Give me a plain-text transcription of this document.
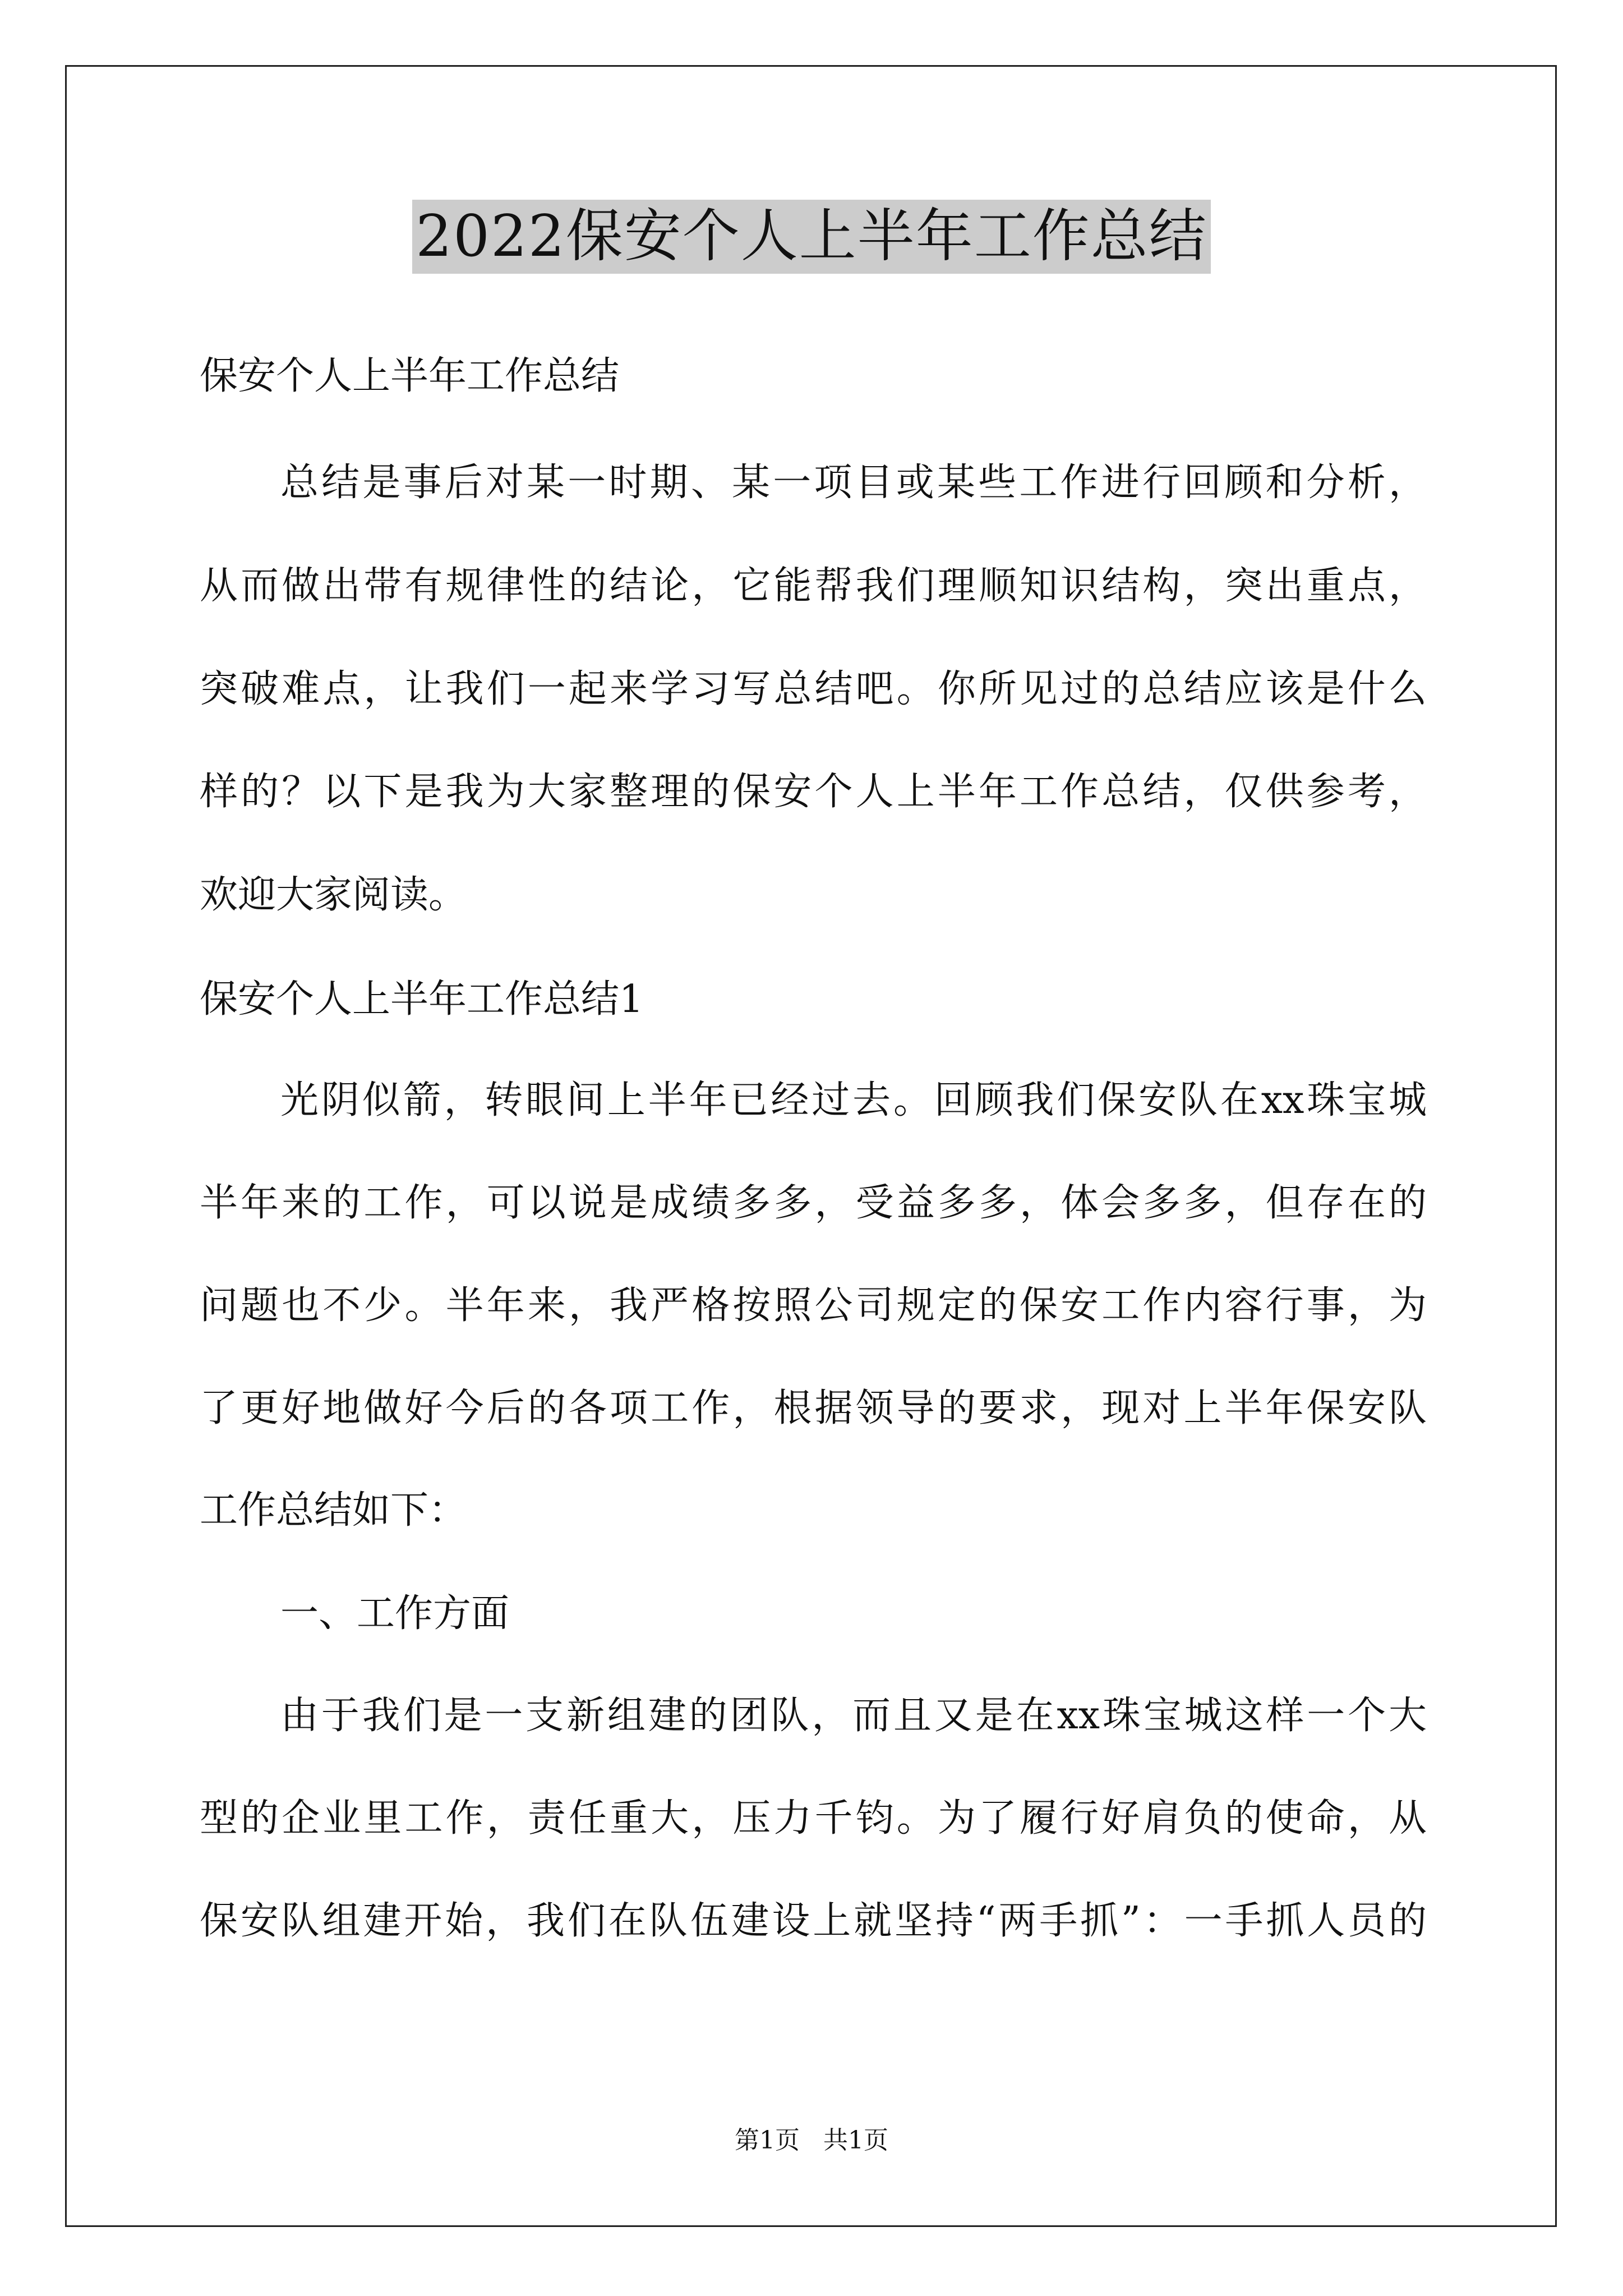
2022保安个人上半年工作总结
保安个人上半年工作总结
总结是事后对某一时期、某一项目或某些工作进行回顾和分析，
从而做出带有规律性的结论，它能帮我们理顺知识结构，突出重点，
突破难点，让我们一起来学习写总结吧。你所见过的总结应该是什么
样的？以下是我为大家整理的保安个人上半年工作总结，仅供参考，
欢迎大家阅读。
保安个人上半年工作总结1
光阴似箭，转眼间上半年已经过去。回顾我们保安队在xx珠宝城
半年来的工作，可以说是成绩多多，受益多多，体会多多，但存在的
问题也不少。半年来，我严格按照公司规定的保安工作内容行事，为
了更好地做好今后的各项工作，根据领导的要求，现对上半年保安队
工作总结如下：
一、工作方面
由于我们是一支新组建的团队，而且又是在xx珠宝城这样一个大
型的企业里工作，责任重大，压力千钧。为了履行好肩负的使命，从
保安队组建开始，我们在队伍建设上就坚持“两手抓”：一手抓人员的
第1页 共1页
